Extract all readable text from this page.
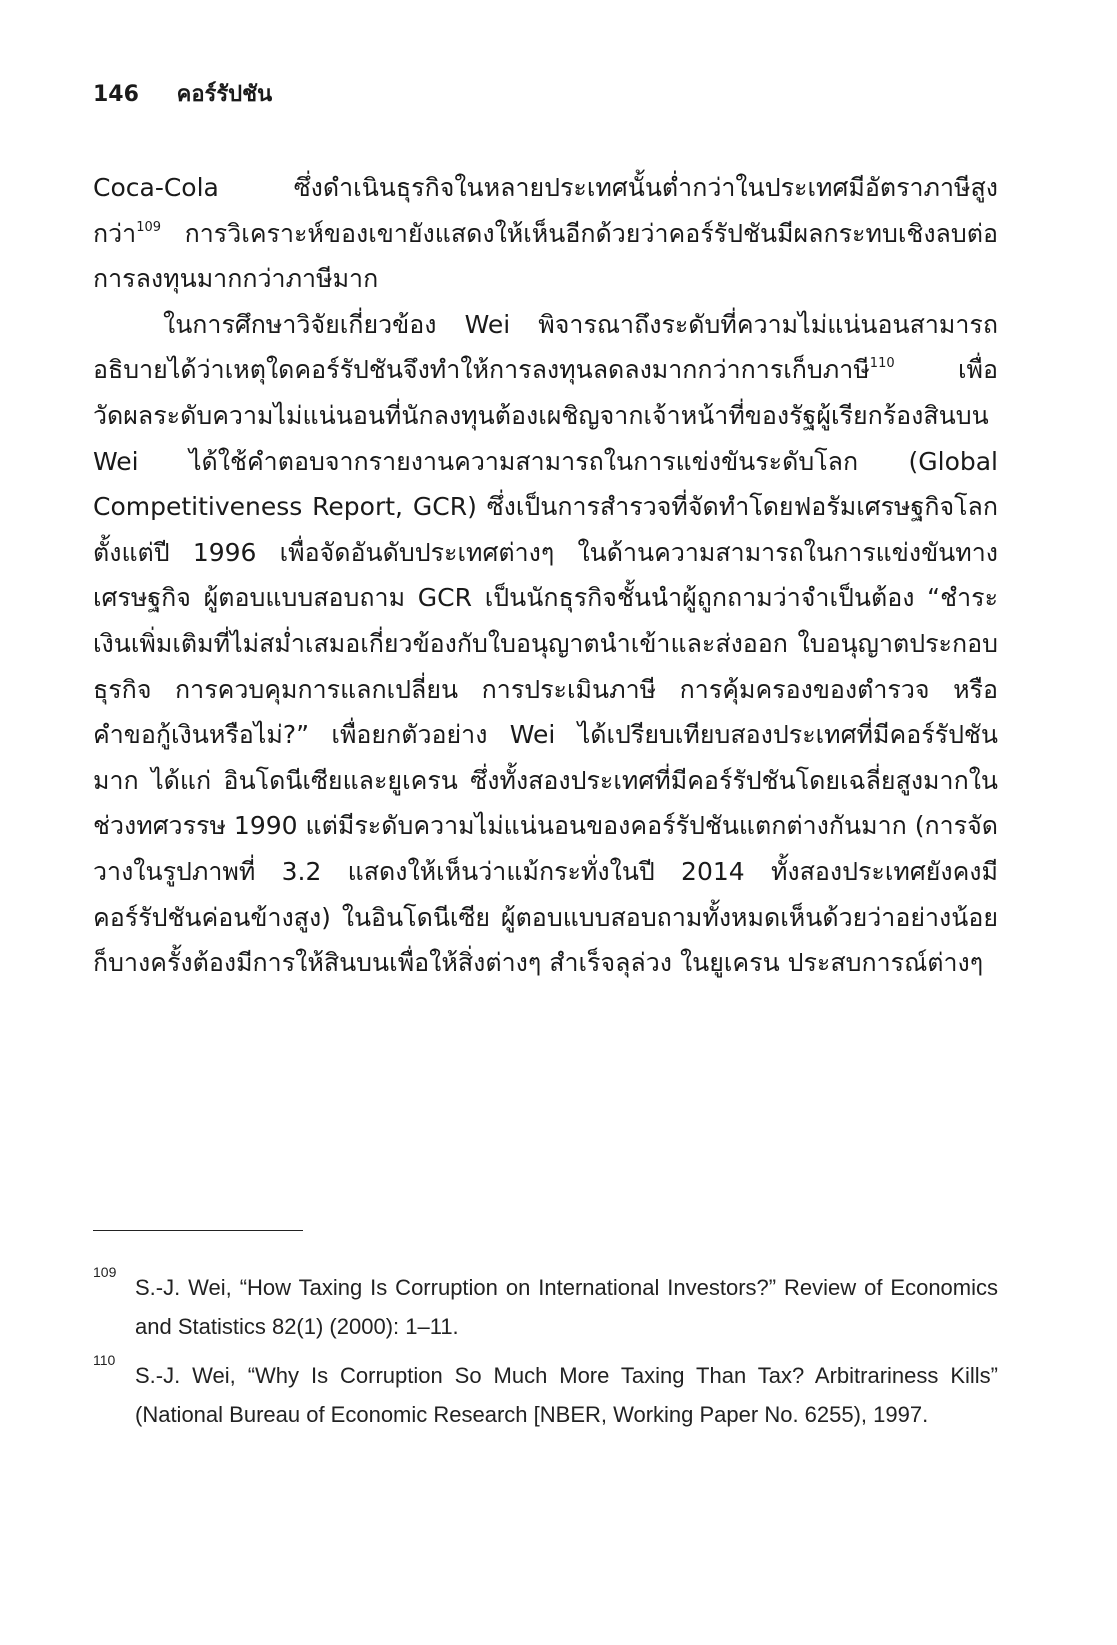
146 คอร์รัปชัน

Coca-Cola ซึ่งดำเนินธุรกิจในหลายประเทศนั้นต่ำกว่าในประเทศมีอัตราภาษีสูงกว่า$^{109}$ การวิเคราะห์ของเขายังแสดงให้เห็นอีกด้วยว่าคอร์รัปชันมีผลกระทบเชิงลบต่อการลงทุนมากกว่าภาษีมาก

ในการศึกษาวิจัยเกี่ยวข้อง Wei พิจารณาถึงระดับที่ความไม่แน่นอนสามารถอธิบายได้ว่าเหตุใดคอร์รัปชันจึงทำให้การลงทุนลดลงมากกว่าการเก็บภาษี$^{110}$ เพื่อวัดผลระดับความไม่แน่นอนที่นักลงทุนต้องเผชิญจากเจ้าหน้าที่ของรัฐผู้เรียกร้องสินบน Wei ได้ใช้คำตอบจากรายงานความสามารถในการแข่งขันระดับโลก (Global Competitiveness Report, GCR) ซึ่งเป็นการสำรวจที่จัดทำโดยฟอรัมเศรษฐกิจโลกตั้งแต่ปี 1996 เพื่อจัดอันดับประเทศต่างๆ ในด้านความสามารถในการแข่งขันทางเศรษฐกิจ ผู้ตอบแบบสอบถาม GCR เป็นนักธุรกิจชั้นนำผู้ถูกถามว่าจำเป็นต้อง “ชำระเงินเพิ่มเติมที่ไม่สม่ำเสมอเกี่ยวข้องกับใบอนุญาตนำเข้าและส่งออก ใบอนุญาตประกอบธุรกิจ การควบคุมการแลกเปลี่ยน การประเมินภาษี การคุ้มครองของตำรวจ หรือคำขอกู้เงินหรือไม่?” เพื่อยกตัวอย่าง Wei ได้เปรียบเทียบสองประเทศที่มีคอร์รัปชันมาก ได้แก่ อินโดนีเซียและยูเครน ซึ่งทั้งสองประเทศที่มีคอร์รัปชันโดยเฉลี่ยสูงมากในช่วงทศวรรษ 1990 แต่มีระดับความไม่แน่นอนของคอร์รัปชันแตกต่างกันมาก (การจัดวางในรูปภาพที่ 3.2 แสดงให้เห็นว่าแม้กระทั่งในปี 2014 ทั้งสองประเทศยังคงมีคอร์รัปชันค่อนข้างสูง) ในอินโดนีเซีย ผู้ตอบแบบสอบถามทั้งหมดเห็นด้วยว่าอย่างน้อยก็บางครั้งต้องมีการให้สินบนเพื่อให้สิ่งต่างๆ สำเร็จลุล่วง ในยูเครน ประสบการณ์ต่างๆ

109
S.-J. Wei, “How Taxing Is Corruption on International Investors?” Review of Economics and Statistics 82(1) (2000): 1–11.
110
S.-J. Wei, “Why Is Corruption So Much More Taxing Than Tax? Arbitrariness Kills” (National Bureau of Economic Research [NBER, Working Paper No. 6255), 1997.
